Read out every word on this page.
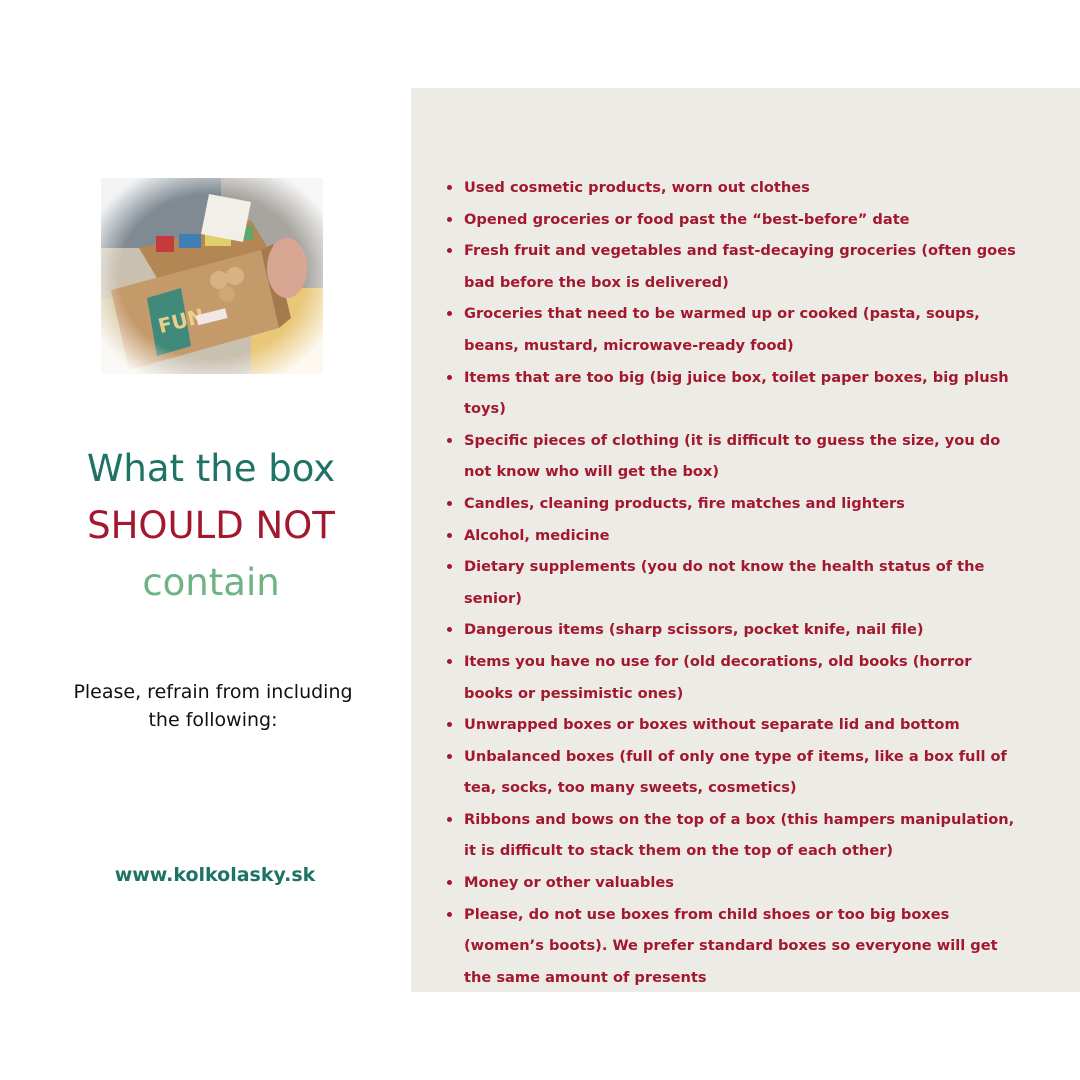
What the box
SHOULD NOT
contain
Please, refrain from including the following:
www.kolkolasky.sk
Used cosmetic products, worn out clothes
Opened groceries or food past the “best-before” date
Fresh fruit and vegetables and fast-decaying groceries (often goes bad before the box is delivered)
Groceries that need to be warmed up or cooked (pasta, soups, beans, mustard, microwave-ready food)
Items that are too big (big juice box, toilet paper boxes, big plush toys)
Specific pieces of clothing (it is difficult to guess the size, you do not know who will get the box)
Candles, cleaning products, fire matches and lighters
Alcohol, medicine
Dietary supplements (you do not know the health status of the senior)
Dangerous items (sharp scissors, pocket knife, nail file)
Items you have no use for (old decorations, old books (horror books or pessimistic ones)
Unwrapped boxes or boxes without separate lid and bottom
Unbalanced boxes (full of only one type of items, like a box full of tea, socks, too many sweets, cosmetics)
Ribbons and bows on the top of a box (this hampers manipulation, it is difficult to stack them on the top of each other)
Money or other valuables
Please, do not use boxes from child shoes or too big boxes (women’s boots). We prefer standard boxes so everyone will get the same amount of presents
